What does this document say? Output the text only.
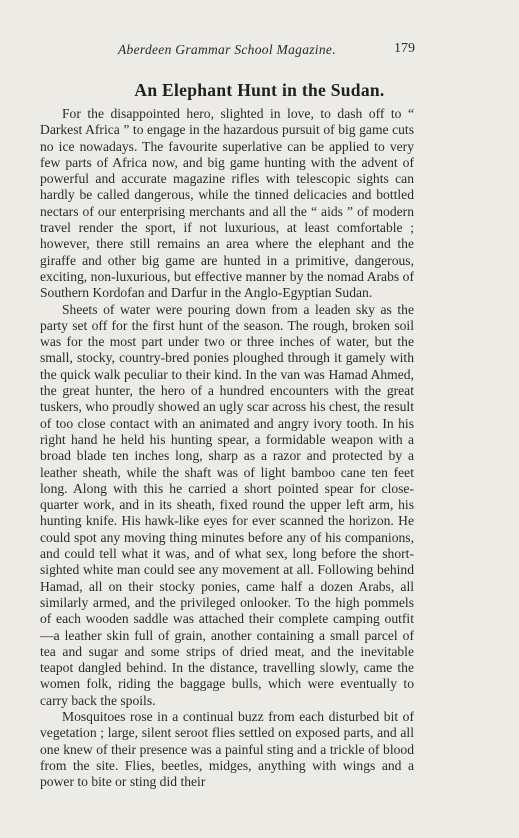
Aberdeen Grammar School Magazine.	179
An Elephant Hunt in the Sudan.

For the disappointed hero, slighted in love, to dash off to “ Darkest Africa ” to engage in the hazardous pursuit of big game cuts no ice nowadays. The favourite superlative can be applied to very few parts of Africa now, and big game hunting with the advent of powerful and accurate magazine rifles with telescopic sights can hardly be called dangerous, while the tinned delicacies and bottled nectars of our enterprising merchants and all the “ aids ” of modern travel render the sport, if not luxurious, at least comfortable ; however, there still remains an area where the elephant and the giraffe and other big game are hunted in a primitive, dangerous, exciting, non-luxurious, but effective manner by the nomad Arabs of Southern Kordofan and Darfur in the Anglo-Egyptian Sudan.

Sheets of water were pouring down from a leaden sky as the party set off for the first hunt of the season. The rough, broken soil was for the most part under two or three inches of water, but the small, stocky, country-bred ponies ploughed through it gamely with the quick walk peculiar to their kind. In the van was Hamad Ahmed, the great hunter, the hero of a hundred encounters with the great tuskers, who proudly showed an ugly scar across his chest, the result of too close contact with an animated and angry ivory tooth. In his right hand he held his hunting spear, a formidable weapon with a broad blade ten inches long, sharp as a razor and protected by a leather sheath, while the shaft was of light bamboo cane ten feet long. Along with this he carried a short pointed spear for close-quarter work, and in its sheath, fixed round the upper left arm, his hunting knife. His hawk-like eyes for ever scanned the horizon. He could spot any moving thing minutes before any of his companions, and could tell what it was, and of what sex, long before the short-sighted white man could see any movement at all. Following behind Hamad, all on their stocky ponies, came half a dozen Arabs, all similarly armed, and the privileged onlooker. To the high pommels of each wooden saddle was attached their complete camping outfit—a leather skin full of grain, another containing a small parcel of tea and sugar and some strips of dried meat, and the inevitable teapot dangled behind. In the distance, travelling slowly, came the women folk, riding the baggage bulls, which were eventually to carry back the spoils.

Mosquitoes rose in a continual buzz from each disturbed bit of vegetation ; large, silent seroot flies settled on exposed parts, and all one knew of their presence was a painful sting and a trickle of blood from the site. Flies, beetles, midges, anything with wings and a power to bite or sting did their
